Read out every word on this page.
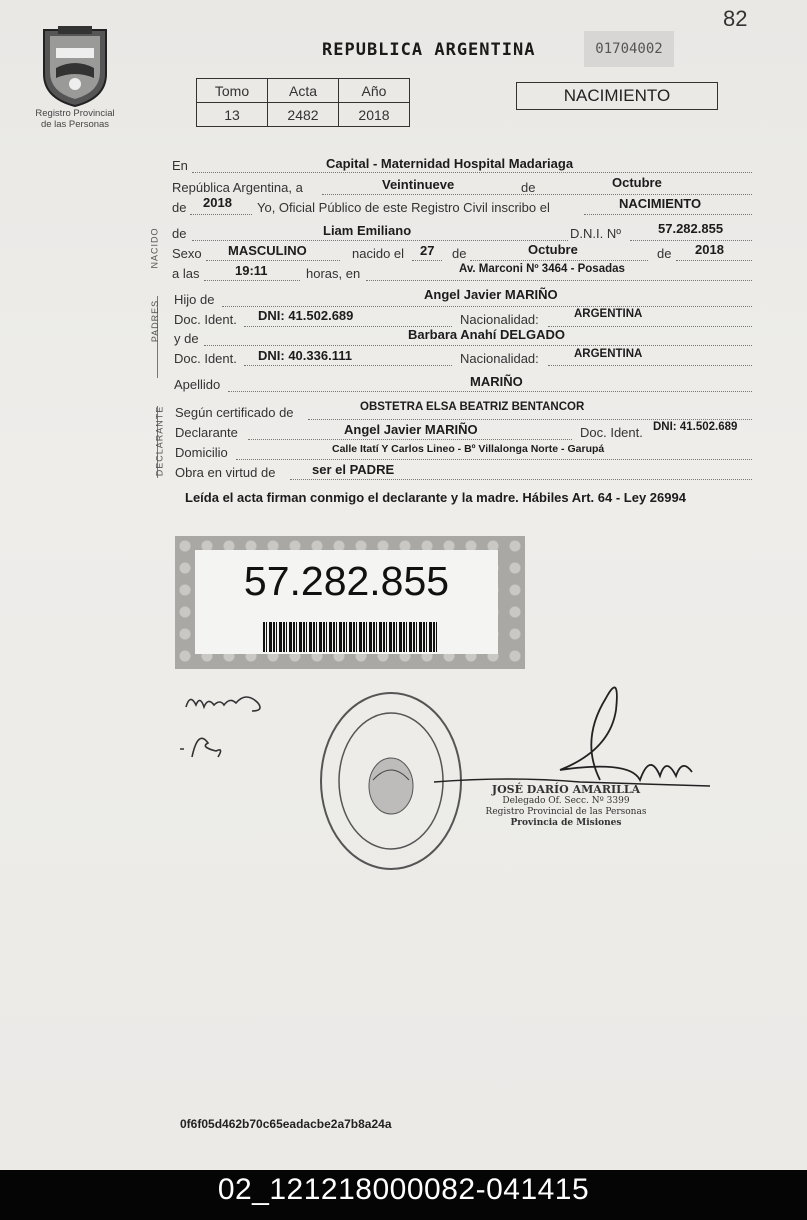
82
Registro Provincial
de las Personas
REPUBLICA ARGENTINA	01704002
Tomo	Acta	Año
13	2482	2018
NACIMIENTO
En	Capital - Maternidad Hospital Madariaga
República Argentina, a	Veintinueve	de	Octubre
de 2018 Yo, Oficial Público de este Registro Civil inscribo el	NACIMIENTO
NACIDO de	Liam Emiliano	D.N.I. Nº	57.282.855
Sexo MASCULINO	nacido el 27 de	Octubre	de 2018
a las	19:11	horas, en	Av. Marconi Nº 3464 - Posadas
PADRES
Hijo de	Angel Javier MARIÑO
Doc. Ident. DNI: 41.502.689	Nacionalidad:	ARGENTINA
y de	Barbara Anahí DELGADO
Doc. Ident. DNI: 40.336.111	Nacionalidad:	ARGENTINA
Apellido	MARIÑO
DECLARANTE Según certificado de	OBSTETRA ELSA BEATRIZ BENTANCOR
Declarante	Angel Javier MARIÑO	Doc. Ident. DNI: 41.502.689
Domicilio	Calle Itatí Y Carlos Lineo - Bº Villalonga Norte - Garupá
Obra en virtud de	ser el PADRE
Leída el acta firman conmigo el declarante y la madre. Hábiles Art. 64 - Ley 26994
57.282.855
JOSÉ DARÍO AMARILLA
Delegado Of. Secc. Nº 3399
Registro Provincial de las Personas
Provincia de Misiones
0f6f05d462b70c65eadacbe2a7b8a24a
02_121218000082-041415
